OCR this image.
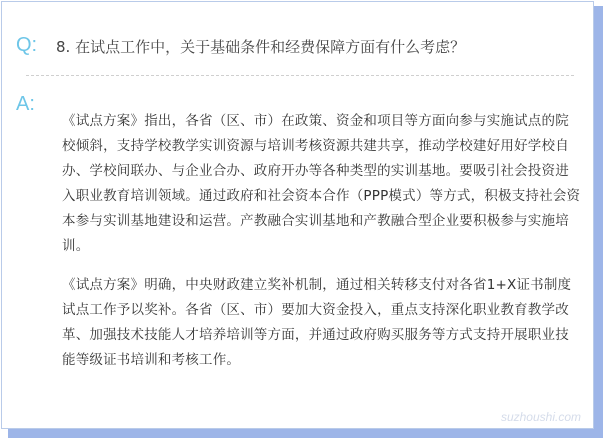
Q: 8. 在试点工作中，关于基础条件和经费保障方面有什么考虑？
A:

《试点方案》指出，各省（区、市）在政策、资金和项目等方面向参与实施试点的院校倾斜，支持学校教学实训资源与培训考核资源共建共享，推动学校建好用好学校自办、学校间联办、与企业合办、政府开办等各种类型的实训基地。要吸引社会投资进入职业教育培训领域。通过政府和社会资本合作（PPP模式）等方式，积极支持社会资本参与实训基地建设和运营。产教融合实训基地和产教融合型企业要积极参与实施培训。

《试点方案》明确，中央财政建立奖补机制，通过相关转移支付对各省1+X证书制度试点工作予以奖补。各省（区、市）要加大资金投入，重点支持深化职业教育教学改革、加强技术技能人才培养培训等方面，并通过政府购买服务等方式支持开展职业技能等级证书培训和考核工作。

suzhoushi.com
